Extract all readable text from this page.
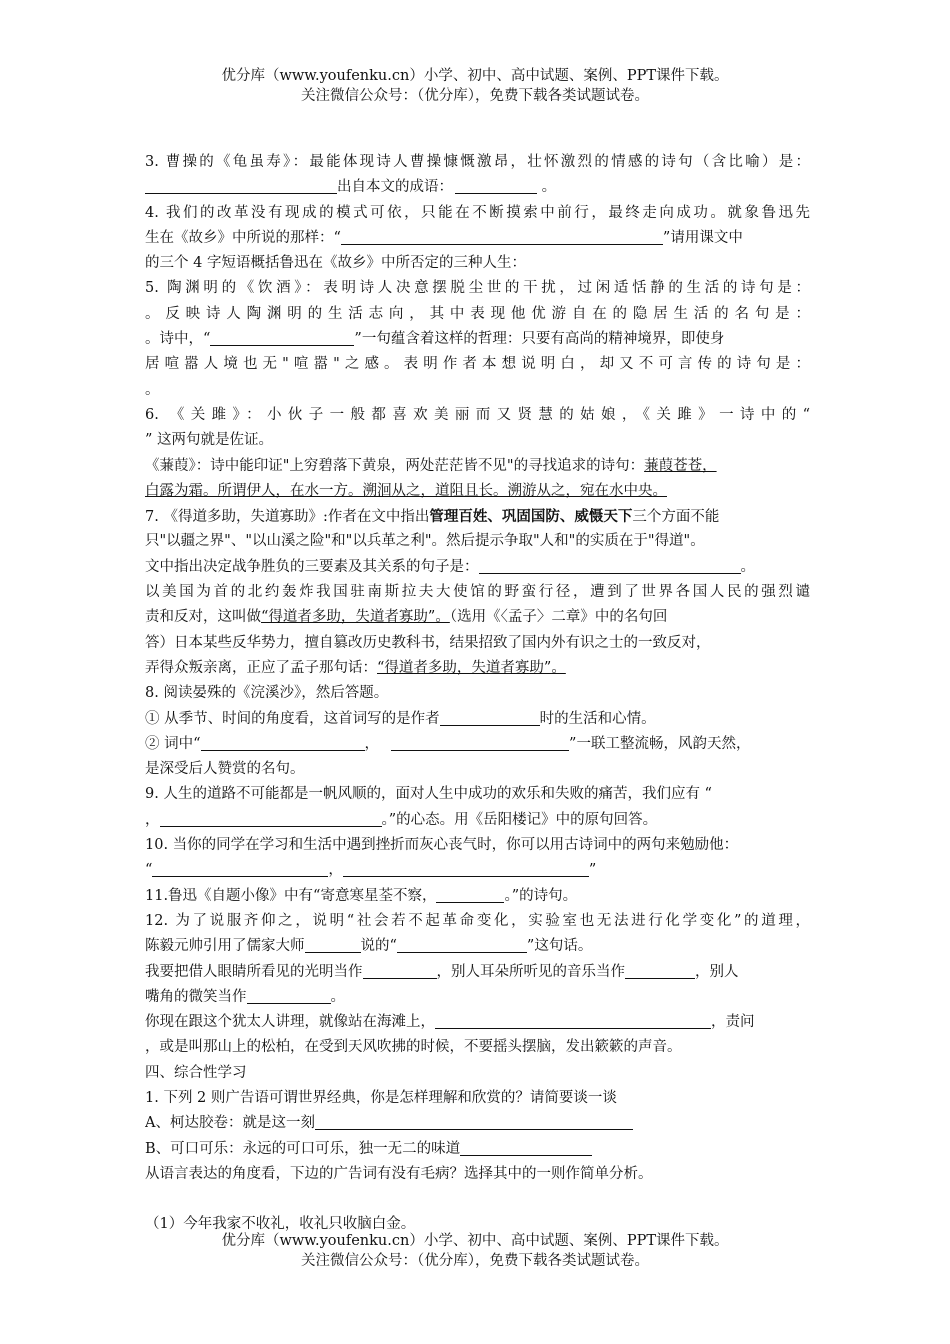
优分库（www.youfenku.cn）小学、初中、高中试题、案例、PPT课件下载。
关注微信公众号：（优分库），免费下载各类试题试卷。
3. 曹操的《龟虽寿》：最能体现诗人曹操慷慨激昂，壮怀激烈的情感的诗句（含比喻）是：
出自本文的成语：	。
4. 我们的改革没有现成的模式可依，只能在不断摸索中前行，最终走向成功。就象鲁迅先
生在《故乡》中所说的那样：“	”请用课文中
的三个 4 字短语概括鲁迅在《故乡》中所否定的三种人生：
5. 陶渊明的《饮酒》：表明诗人决意摆脱尘世的干扰，过闲适恬静的生活的诗句是：
。反映诗人陶渊明的生活志向，其中表现他优游自在的隐居生活的名句是：
。诗中，“	”一句蕴含着这样的哲理：只要有高尚的精神境界，即使身
居喧嚣人境也无"喧嚣"之感。表明作者本想说明白，却又不可言传的诗句是：
。
6. 《关雎》：小伙子一般都喜欢美丽而又贤慧的姑娘，《关雎》一诗中的“
” 这两句就是佐证。
《蒹葭》：诗中能印证"上穷碧落下黄泉，两处茫茫皆不见"的寻找追求的诗句：蒹葭苍苍，
白露为霜。所谓伊人，在水一方。溯洄从之，道阻且长。溯游从之，宛在水中央。
7. 《得道多助，失道寡助》:作者在文中指出管理百姓、巩固国防、威慑天下三个方面不能
只"以疆之界"、"以山溪之险"和"以兵革之利"。然后提示争取"人和"的实质在于"得道"。
文中指出决定战争胜负的三要素及其关系的句子是：	。
以美国为首的北约轰炸我国驻南斯拉夫大使馆的野蛮行径，遭到了世界各国人民的强烈谴
责和反对，这叫做“得道者多助，失道者寡助”。（选用《〈孟子〉二章》中的名句回
答）日本某些反华势力，擅自篡改历史教科书，结果招致了国内外有识之士的一致反对，
弄得众叛亲离，正应了孟子那句话：“得道者多助，失道者寡助”。
8. 阅读晏殊的《浣溪沙》，然后答题。
① 从季节、时间的角度看，这首词写的是作者	时的生活和心情。
② 词中“	，	”一联工整流畅，风韵天然，
是深受后人赞赏的名句。
9. 人生的道路不可能都是一帆风顺的，面对人生中成功的欢乐和失败的痛苦，我们应有 “
，	。”的心态。用《岳阳楼记》中的原句回答。
10. 当你的同学在学习和生活中遇到挫折而灰心丧气时，你可以用古诗词中的两句来勉励他：
“	，	”
11.鲁迅《自题小像》中有“寄意寒星荃不察，	。”的诗句。
12. 为了说服齐仰之，说明“社会若不起革命变化，实验室也无法进行化学变化”的道理，
陈毅元帅引用了儒家大师	说的“	”这句话。
我要把借人眼睛所看见的光明当作	，别人耳朵所听见的音乐当作	，别人
嘴角的微笑当作	。
你现在跟这个犹太人讲理，就像站在海滩上，	，责问
，或是叫那山上的松柏，在受到天风吹拂的时候，不要摇头摆脑，发出簌簌的声音。
四、综合性学习
1. 下列 2 则广告语可谓世界经典，你是怎样理解和欣赏的？请简要谈一谈
A、柯达胶卷：就是这一刻
B、可口可乐：永远的可口可乐，独一无二的味道
从语言表达的角度看，下边的广告词有没有毛病？选择其中的一则作简单分析。
（1）今年我家不收礼，收礼只收脑白金。
优分库（www.youfenku.cn）小学、初中、高中试题、案例、PPT课件下载。
关注微信公众号：（优分库），免费下载各类试题试卷。
